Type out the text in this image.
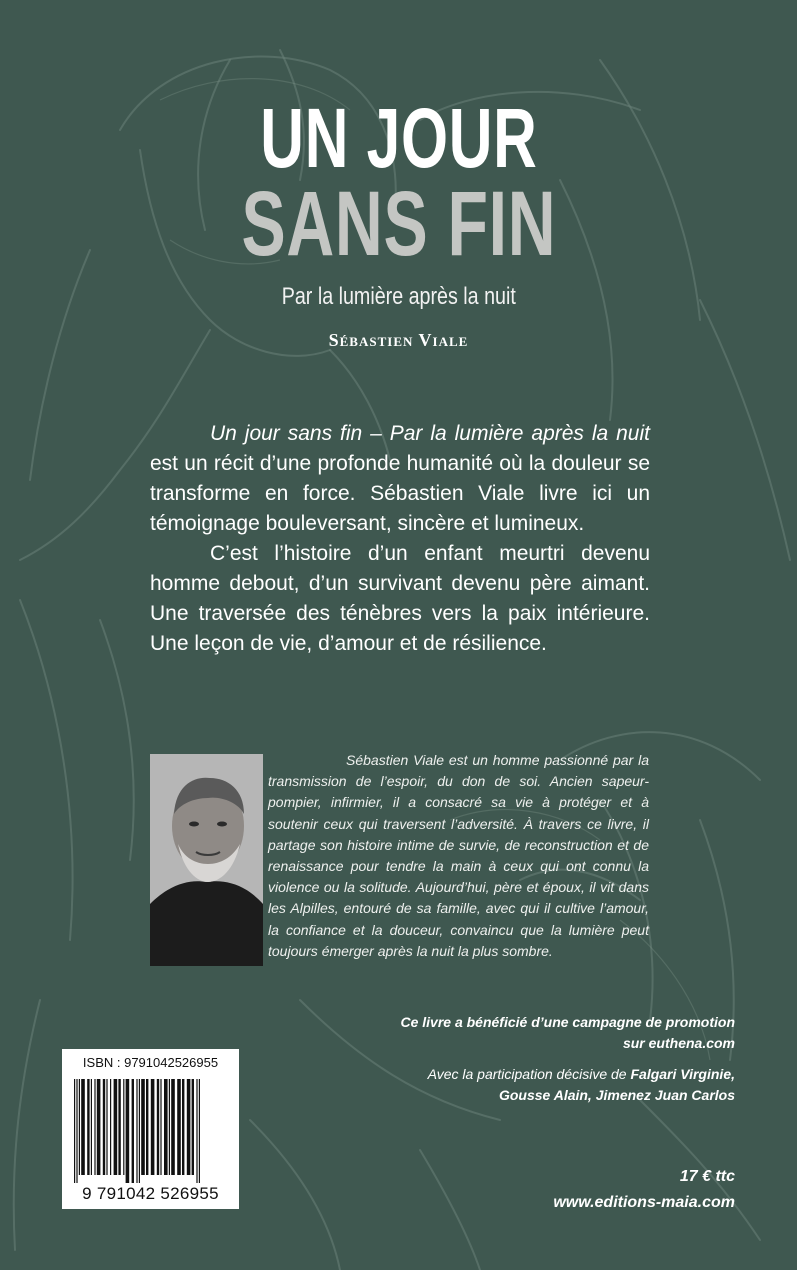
UN JOUR
SANS FIN
Par la lumière après la nuit
Sébastien Viale

Un jour sans fin – Par la lumière après la nuit est un récit d’une profonde humanité où la douleur se transforme en force. Sébastien Viale livre ici un témoignage bouleversant, sincère et lumineux.

C’est l’histoire d’un enfant meurtri devenu homme debout, d’un survivant devenu père aimant. Une traversée des ténèbres vers la paix intérieure. Une leçon de vie, d’amour et de résilience.

Sébastien Viale est un homme passionné par la transmission de l’espoir, du don de soi. Ancien sapeur-pompier, infirmier, il a consacré sa vie à protéger et à soutenir ceux qui traversent l’adversité. À travers ce livre, il partage son histoire intime de survie, de reconstruction et de renaissance pour tendre la main à ceux qui ont connu la violence ou la solitude. Aujourd’hui, père et époux, il vit dans les Alpilles, entouré de sa famille, avec qui il cultive l’amour, la confiance et la douceur, convaincu que la lumière peut toujours émerger après la nuit la plus sombre.
Ce livre a bénéficié d’une campagne de promotion
sur euthena.com
Avec la participation décisive de Falgari Virginie,
Gousse Alain, Jimenez Juan Carlos
17 € ttc
www.editions-maia.com
ISBN : 9791042526955
9 791042 526955
